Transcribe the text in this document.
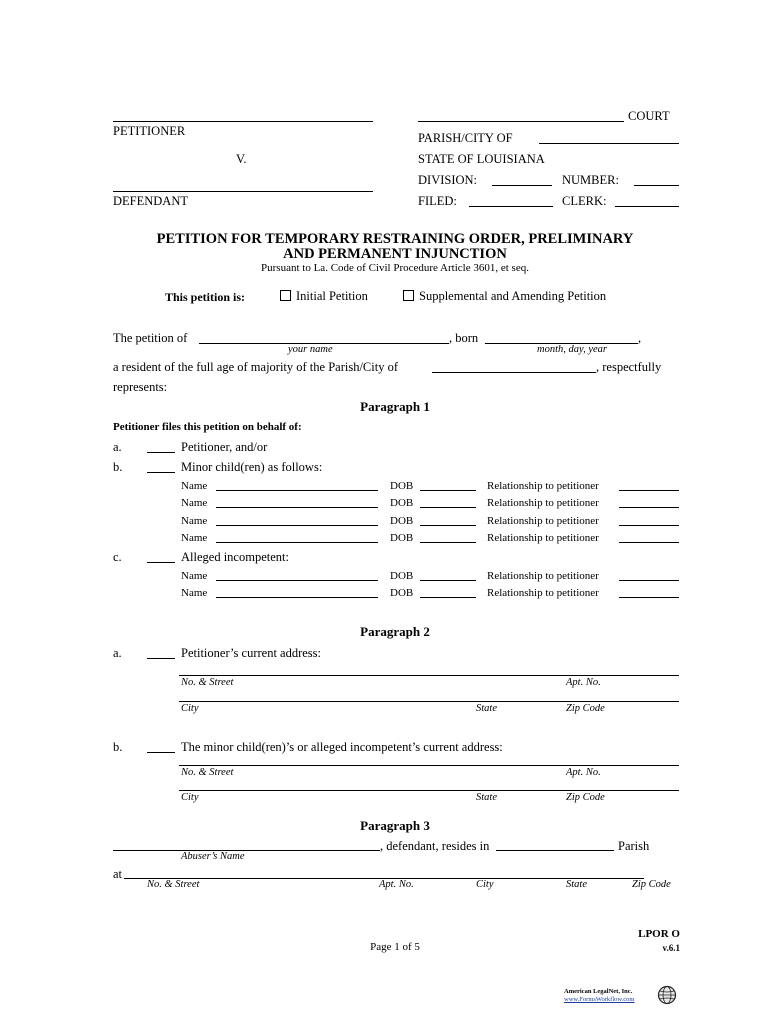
PETITIONER
V.
DEFENDANT
COURT
PARISH/CITY OF
STATE OF LOUISIANA
DIVISION:	NUMBER:
FILED:	CLERK:
PETITION FOR TEMPORARY RESTRAINING ORDER, PRELIMINARY
AND PERMANENT INJUNCTION
Pursuant to La. Code of Civil Procedure Article 3601, et seq.
This petition is:	Initial Petition	Supplemental and Amending Petition
The petition of	, born	,
your name	month, day, year
a resident of the full age of majority of the Parish/City of	, respectfully
represents:
Paragraph 1
Petitioner files this petition on behalf of:
a.	Petitioner, and/or
b.	Minor child(ren) as follows:
Name	DOB	Relationship to petitioner
Name	DOB	Relationship to petitioner
Name	DOB	Relationship to petitioner
Name	DOB	Relationship to petitioner
c.	Alleged incompetent:
Name	DOB	Relationship to petitioner
Name	DOB	Relationship to petitioner
Paragraph 2
a.	Petitioner’s current address:
No. & Street	Apt. No.
City	State	Zip Code
b.	The minor child(ren)’s or alleged incompetent’s current address:
No. & Street	Apt. No.
City	State	Zip Code
Paragraph 3
, defendant, resides in	Parish
Abuser’s Name
at
No. & Street	Apt. No.	City	State	Zip Code
Page 1 of 5
LPOR O
v.6.1
American LegalNet, Inc.
www.FormsWorkflow.com
